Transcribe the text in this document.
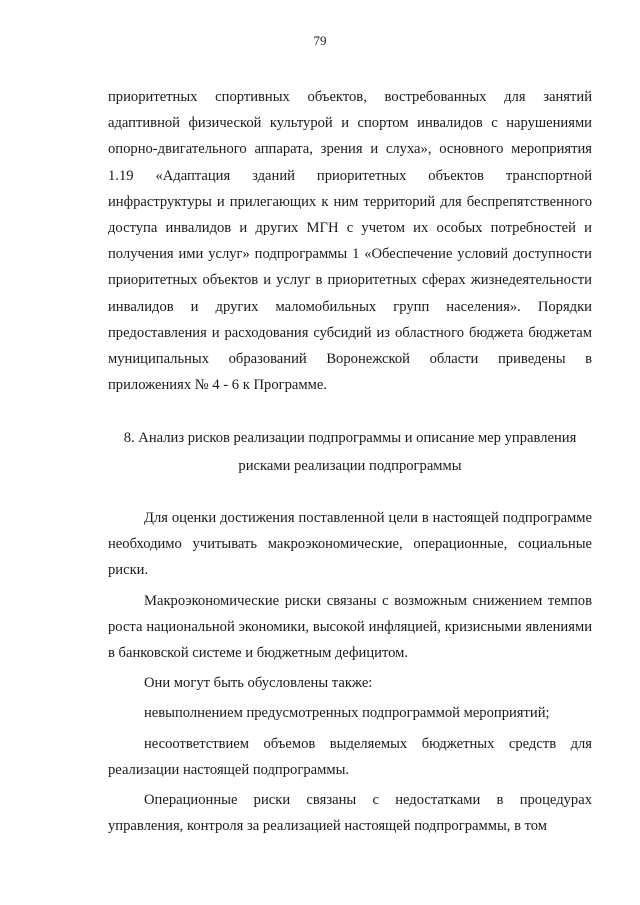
79

приоритетных спортивных объектов, востребованных для занятий адаптивной физической культурой и спортом инвалидов с нарушениями опорно-двигательного аппарата, зрения и слуха», основного мероприятия 1.19 «Адаптация зданий приоритетных объектов транспортной инфраструктуры и прилегающих к ним территорий для беспрепятственного доступа инвалидов и других МГН с учетом их особых потребностей и получения ими услуг» подпрограммы 1 «Обеспечение условий доступности приоритетных объектов и услуг в приоритетных сферах жизнедеятельности инвалидов и других маломобильных групп населения». Порядки предоставления и расходования субсидий из областного бюджета бюджетам муниципальных образований Воронежской области приведены в приложениях № 4 - 6 к Программе.

8. Анализ рисков реализации подпрограммы и описание мер управления
рисками реализации подпрограммы

Для оценки достижения поставленной цели в настоящей подпрограмме необходимо учитывать макроэкономические, операционные, социальные риски.

Макроэкономические риски связаны с возможным снижением темпов роста национальной экономики, высокой инфляцией, кризисными явлениями в банковской системе и бюджетным дефицитом.

Они могут быть обусловлены также:

невыполнением предусмотренных подпрограммой мероприятий;

несоответствием объемов выделяемых бюджетных средств для реализации настоящей подпрограммы.

Операционные риски связаны с недостатками в процедурах управления, контроля за реализацией настоящей подпрограммы, в том
